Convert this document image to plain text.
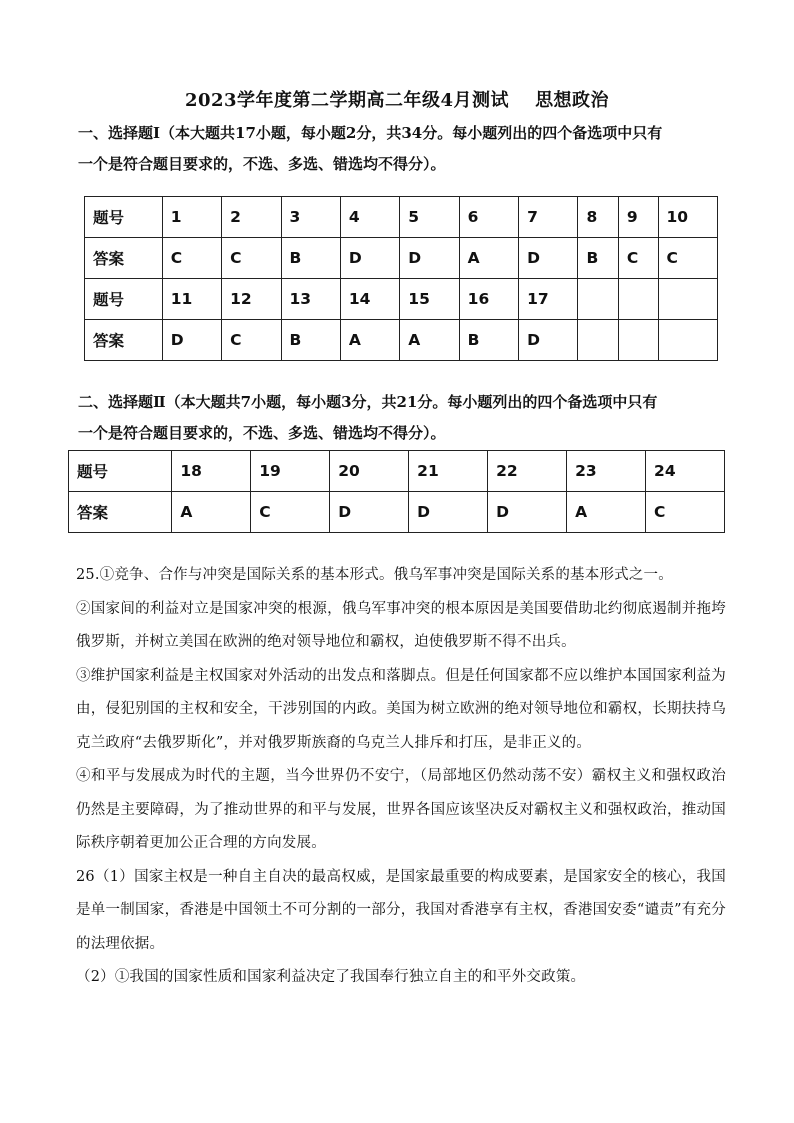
2023学年度第二学期高二年级4月测试 思想政治
一、选择题Ⅰ（本大题共17小题，每小题2分，共34分。每小题列出的四个备选项中只有
一个是符合题目要求的，不选、多选、错选均不得分）。
题号	1	2	3	4	5	6	7	8	9	10
答案	C	C	B	D	D	A	D	B	C	C
题号	11	12	13	14	15	16	17			
答案	D	C	B	A	A	B	D			
二、选择题Ⅱ（本大题共7小题，每小题3分，共21分。每小题列出的四个备选项中只有
一个是符合题目要求的，不选、多选、错选均不得分）。
题号	18	19	20	21	22	23	24
答案	A	C	D	D	D	A	C

25.①竞争、合作与冲突是国际关系的基本形式。俄乌军事冲突是国际关系的基本形式之一。

②国家间的利益对立是国家冲突的根源，俄乌军事冲突的根本原因是美国要借助北约彻底遏制并拖垮俄罗斯，并树立美国在欧洲的绝对领导地位和霸权，迫使俄罗斯不得不出兵。

③维护国家利益是主权国家对外活动的出发点和落脚点。但是任何国家都不应以维护本国国家利益为由，侵犯别国的主权和安全，干涉别国的内政。美国为树立欧洲的绝对领导地位和霸权，长期扶持乌克兰政府“去俄罗斯化”，并对俄罗斯族裔的乌克兰人排斥和打压，是非正义的。

④和平与发展成为时代的主题，当今世界仍不安宁，（局部地区仍然动荡不安）霸权主义和强权政治仍然是主要障碍，为了推动世界的和平与发展，世界各国应该坚决反对霸权主义和强权政治，推动国际秩序朝着更加公正合理的方向发展。

26（1）国家主权是一种自主自决的最高权威，是国家最重要的构成要素，是国家安全的核心，我国是单一制国家，香港是中国领土不可分割的一部分，我国对香港享有主权，香港国安委“谴责”有充分的法理依据。

（2）①我国的国家性质和国家利益决定了我国奉行独立自主的和平外交政策。
